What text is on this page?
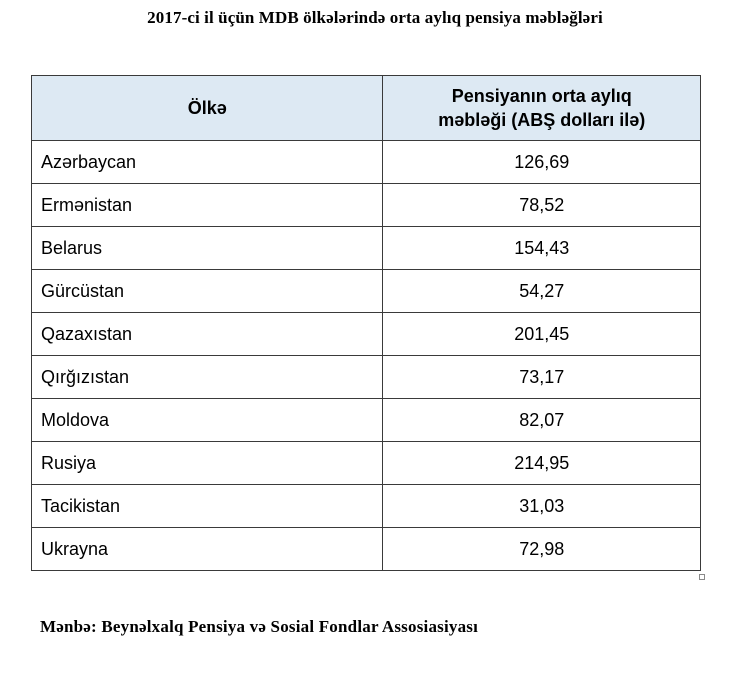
2017-ci il üçün MDB ölkələrində orta aylıq pensiya məbləğləri
Ölkə	Pensiyanın orta aylıq
məbləği (ABŞ dolları ilə)
Azərbaycan	126,69
Ermənistan	78,52
Belarus	154,43
Gürcüstan	54,27
Qazaxıstan	201,45
Qırğızıstan	73,17
Moldova	82,07
Rusiya	214,95
Tacikistan	31,03
Ukrayna	72,98
Mənbə: Beynəlxalq Pensiya və Sosial Fondlar Assosiasiyası
